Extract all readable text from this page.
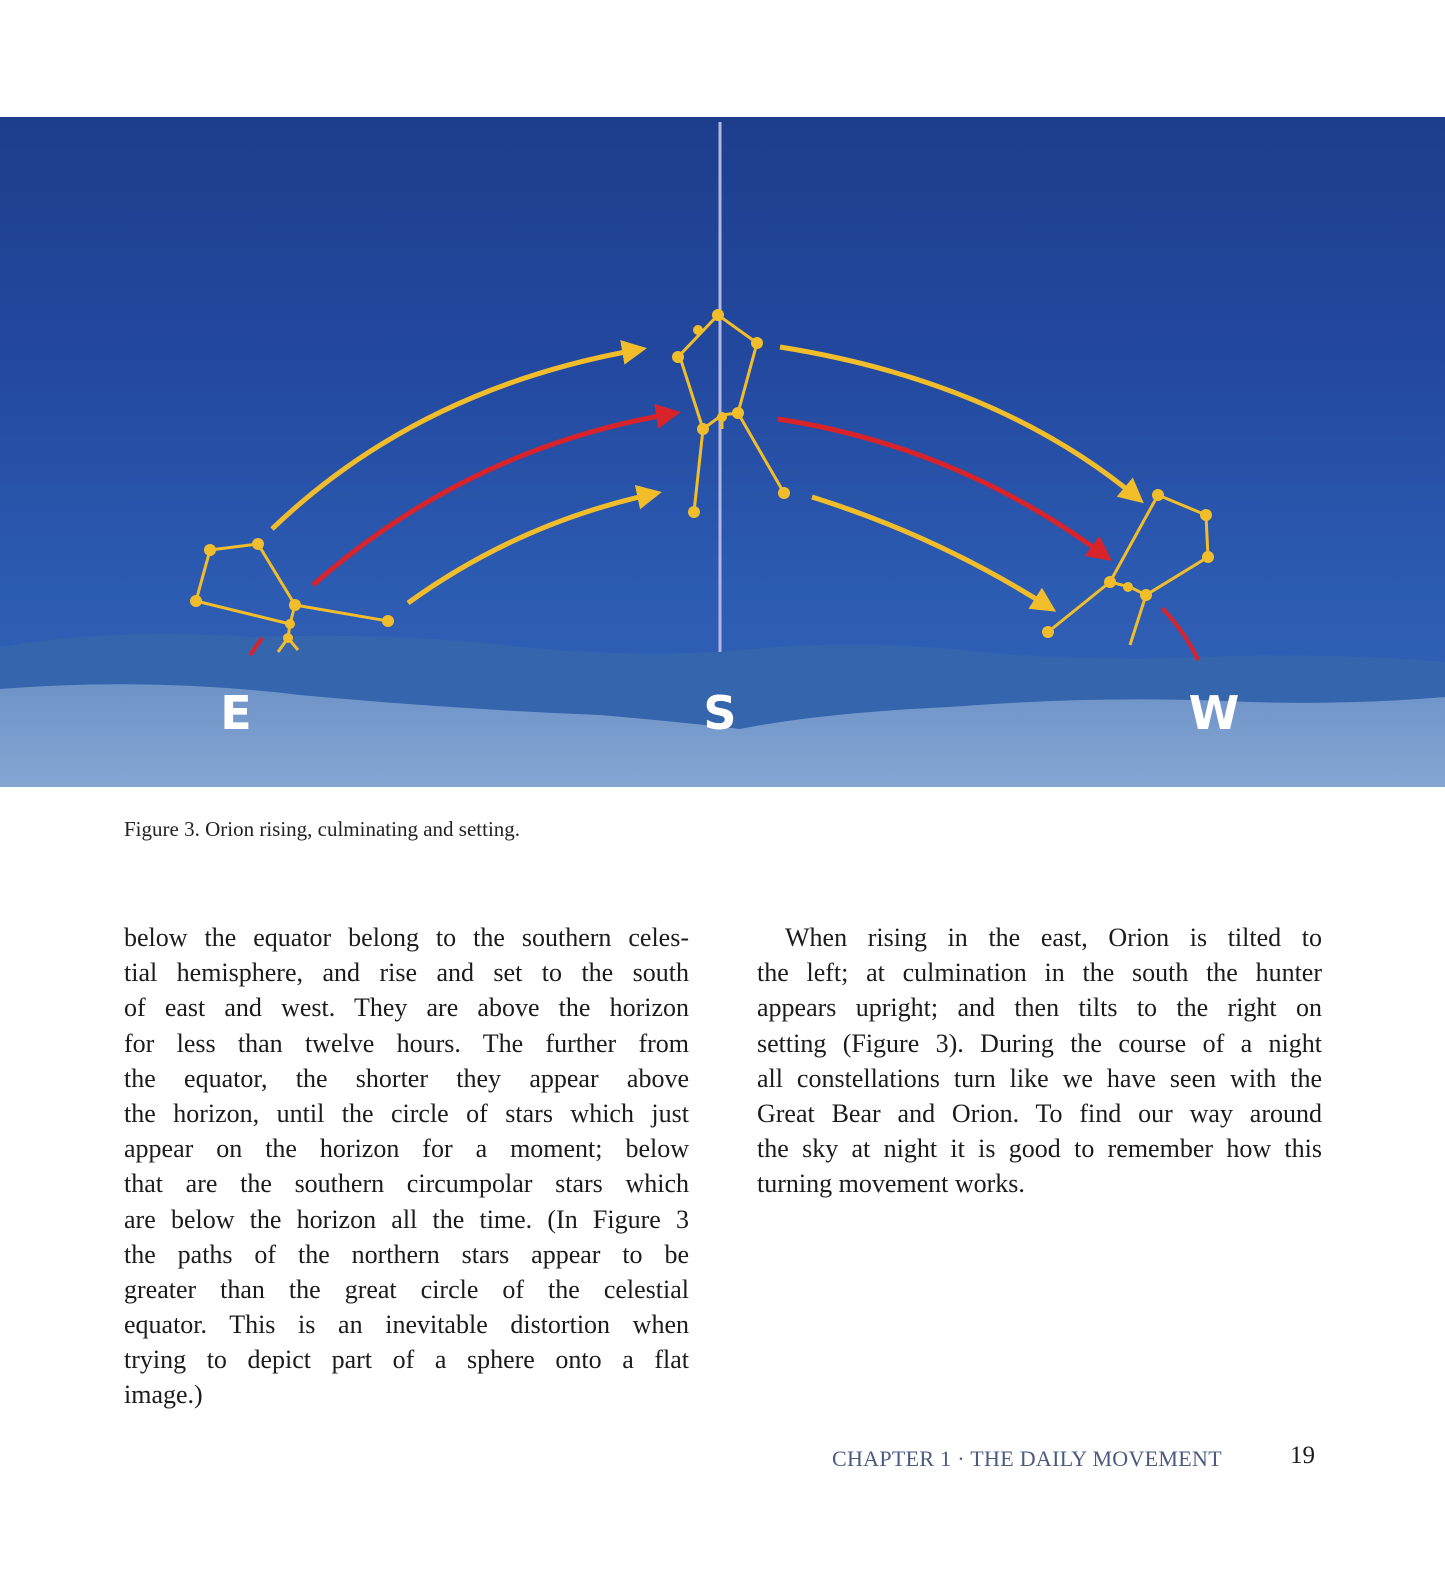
E	S	W
Figure 3. Orion rising, culminating and setting.
below the equator belong to the southern celes-
tial hemisphere, and rise and set to the south
of east and west. They are above the horizon
for less than twelve hours. The further from
the equator, the shorter they appear above
the horizon, until the circle of stars which just
appear on the horizon for a moment; below
that are the southern circumpolar stars which
are below the horizon all the time. (In Figure 3
the paths of the northern stars appear to be
greater than the great circle of the celestial
equator. This is an inevitable distortion when
trying to depict part of a sphere onto a flat
image.)
When rising in the east, Orion is tilted to
the left; at culmination in the south the hunter
appears upright; and then tilts to the right on
setting (Figure 3). During the course of a night
all constellations turn like we have seen with the
Great Bear and Orion. To find our way around
the sky at night it is good to remember how this
turning movement works.
CHAPTER 1 · THE DAILY MOVEMENT	19
